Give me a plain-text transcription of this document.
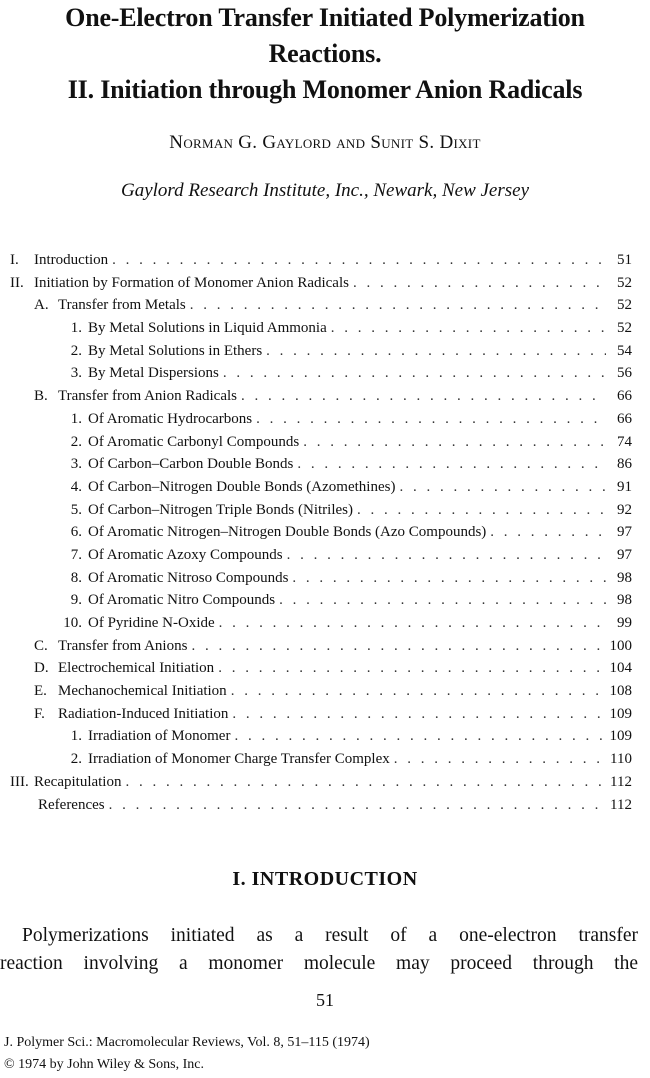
One-Electron Transfer Initiated Polymerization
Reactions.
II. Initiation through Monomer Anion Radicals
Norman G. Gaylord and Sunit S. Dixit
Gaylord Research Institute, Inc., Newark, New Jersey
I.	Introduction . . .	51
II. Initiation by Formation of Monomer Anion Radicals . . .	52
A. Transfer from Metals . . .	52
1. By Metal Solutions in Liquid Ammonia . . .	52
2. By Metal Solutions in Ethers . . .	54
3. By Metal Dispersions . . .	56
B. Transfer from Anion Radicals . . .	66
1. Of Aromatic Hydrocarbons . . .	66
2. Of Aromatic Carbonyl Compounds . . .	74
3. Of Carbon–Carbon Double Bonds . . .	86
4. Of Carbon–Nitrogen Double Bonds (Azomethines) . . .	91
5. Of Carbon–Nitrogen Triple Bonds (Nitriles) . . .	92
6. Of Aromatic Nitrogen–Nitrogen Double Bonds (Azo Compounds) . . .	97
7. Of Aromatic Azoxy Compounds . . .	97
8. Of Aromatic Nitroso Compounds . . .	98
9. Of Aromatic Nitro Compounds . . .	98
10. Of Pyridine N-Oxide . . .	99
C. Transfer from Anions . . .	100
D. Electrochemical Initiation . . .	104
E. Mechanochemical Initiation . . .	108
F. Radiation-Induced Initiation . . .	109
1. Irradiation of Monomer . . .	109
2. Irradiation of Monomer Charge Transfer Complex . . .	110
III. Recapitulation . . .	112
References . . .	112
I. INTRODUCTION
Polymerizations initiated as a result of a one-electron transfer
reaction involving a monomer molecule may proceed through the
51
J. Polymer Sci.: Macromolecular Reviews, Vol. 8, 51–115 (1974)
© 1974 by John Wiley & Sons, Inc.
